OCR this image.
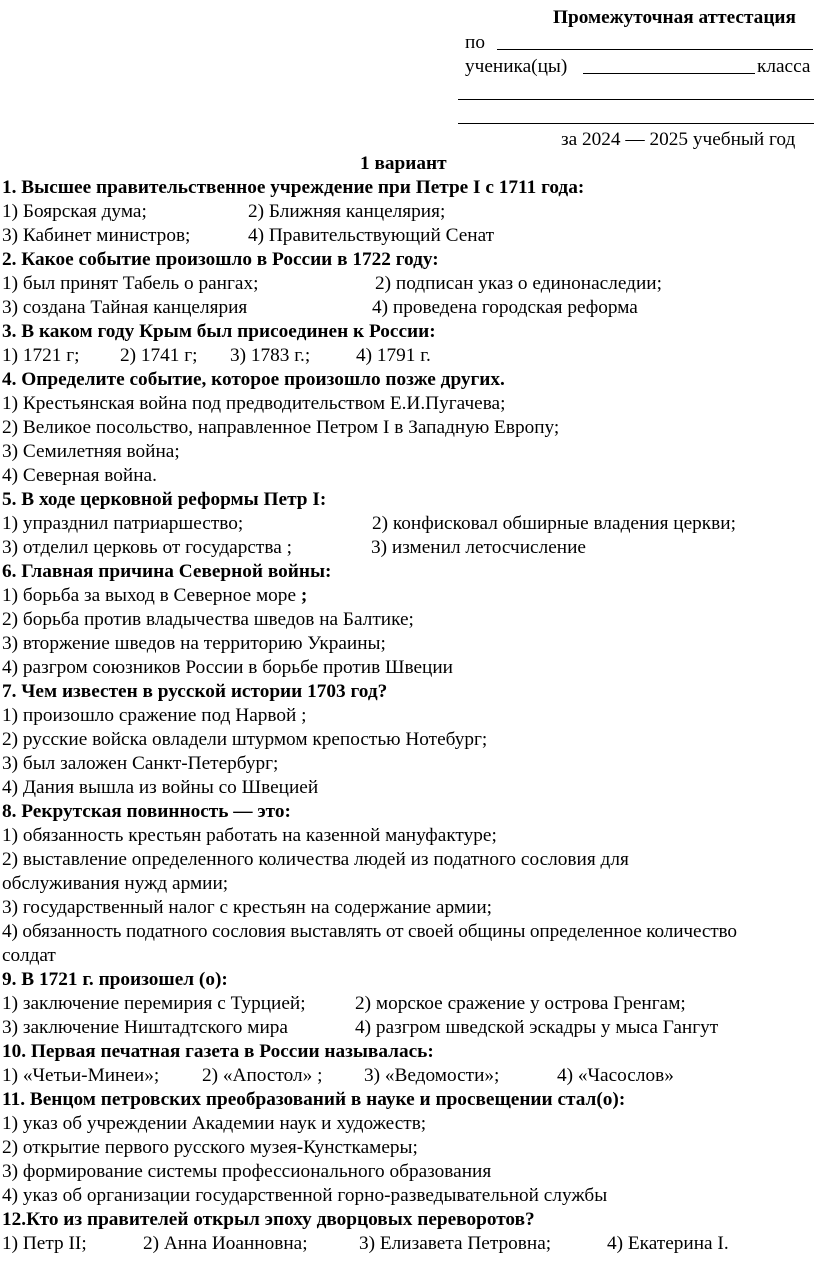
Промежуточная аттестация
по
ученика(цы)	класса
за 2024 — 2025 учебный год
1 вариант
1. Высшее правительственное учреждение при Петре I с 1711 года:
1) Боярская дума;	2) Ближняя канцелярия;
3) Кабинет министров;	4) Правительствующий Сенат
2. Какое событие произошло в России в 1722 году:
1) был принят Табель о рангах;	2) подписан указ о единонаследии;
3) создана Тайная канцелярия	4) проведена городская реформа
3. В каком году Крым был присоединен к России:
1) 1721 г; 2) 1741 г; 3) 1783 г.; 4) 1791 г.
4. Определите событие, которое произошло позже других.
1) Крестьянская война под предводительством Е.И.Пугачева;
2) Великое посольство, направленное Петром I в Западную Европу;
3) Семилетняя война;
4) Северная война.
5. В ходе церковной реформы Петр I:
1) упразднил патриаршество;	2) конфисковал обширные владения церкви;
3) отделил церковь от государства ;	3) изменил летосчисление
6. Главная причина Северной войны:
1) борьба за выход в Северное море ;
2) борьба против владычества шведов на Балтике;
3) вторжение шведов на территорию Украины;
4) разгром союзников России в борьбе против Швеции
7. Чем известен в русской истории 1703 год?
1) произошло сражение под Нарвой ;
2) русские войска овладели штурмом крепостью Нотебург;
3) был заложен Санкт-Петербург;
4) Дания вышла из войны со Швецией
8. Рекрутская повинность — это:
1) обязанность крестьян работать на казенной мануфактуре;
2) выставление определенного количества людей из податного сословия для
обслуживания нужд армии;
3) государственный налог с крестьян на содержание армии;
4) обязанность податного сословия выставлять от своей общины определенное количество
солдат
9. В 1721 г. произошел (о):
1) заключение перемирия с Турцией;	2) морское сражение у острова Гренгам;
3) заключение Ништадтского мира	4) разгром шведской эскадры у мыса Гангут
10. Первая печатная газета в России называлась:
1) «Четьи-Минеи»; 2) «Апостол» ; 3) «Ведомости»;	4) «Часослов»
11. Венцом петровских преобразований в науке и просвещении стал(о):
1) указ об учреждении Академии наук и художеств;
2) открытие первого русского музея-Кунсткамеры;
3) формирование системы профессионального образования
4) указ об организации государственной горно-разведывательной службы
12.Кто из правителей открыл эпоху дворцовых переворотов?
1) Петр II;	2) Анна Иоанновна;	3) Елизавета Петровна;	4) Екатерина I.
